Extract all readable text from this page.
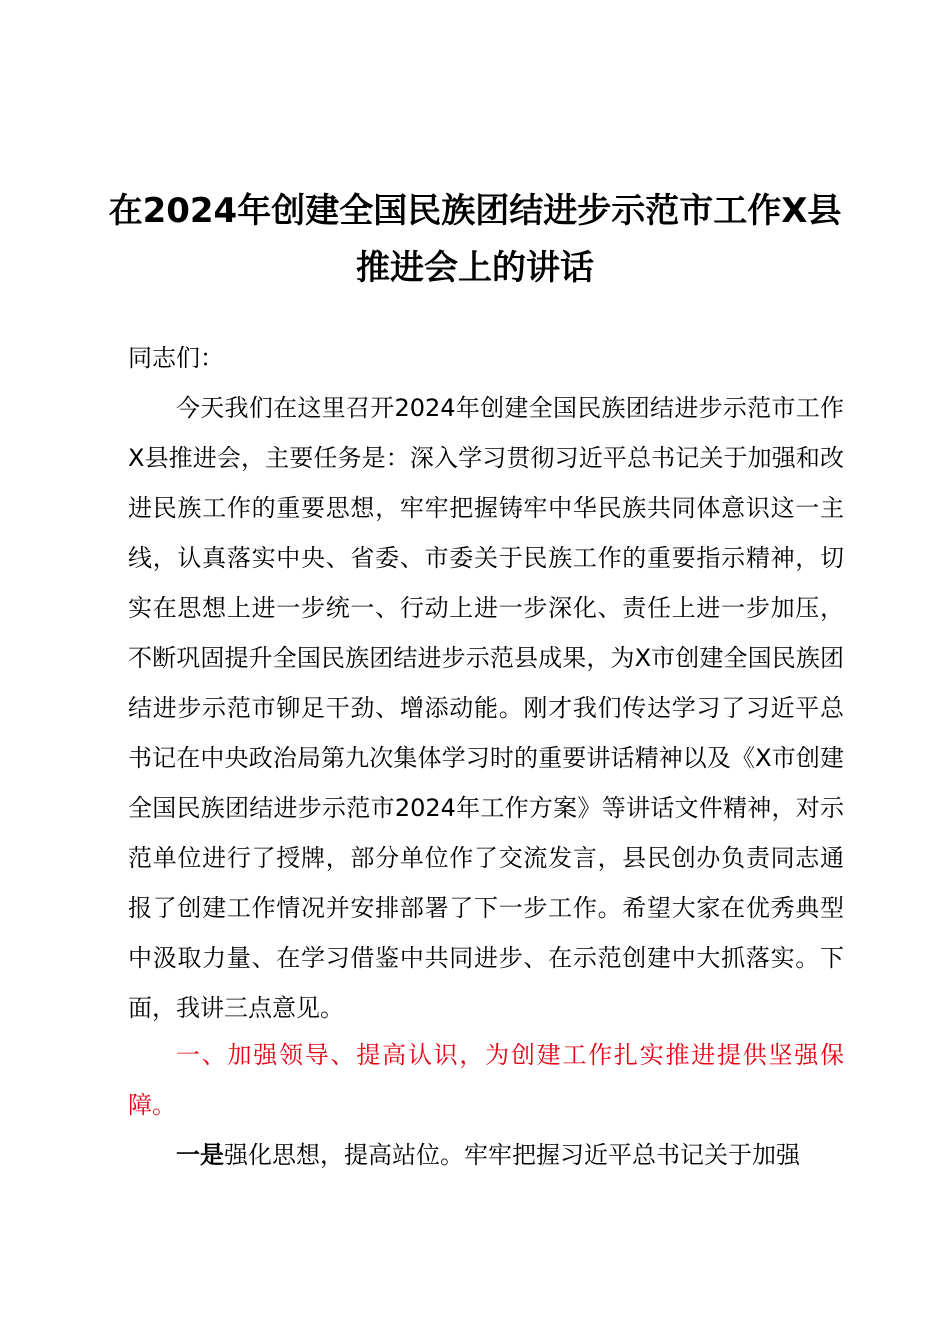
在2024年创建全国民族团结进步示范市工作X县推进会上的讲话

同志们：

今天我们在这里召开2024年创建全国民族团结进步示范市工作X县推进会，主要任务是：深入学习贯彻习近平总书记关于加强和改进民族工作的重要思想，牢牢把握铸牢中华民族共同体意识这一主线，认真落实中央、省委、市委关于民族工作的重要指示精神，切实在思想上进一步统一、行动上进一步深化、责任上进一步加压，不断巩固提升全国民族团结进步示范县成果，为X市创建全国民族团结进步示范市铆足干劲、增添动能。刚才我们传达学习了习近平总书记在中央政治局第九次集体学习时的重要讲话精神以及《X市创建全国民族团结进步示范市2024年工作方案》等讲话文件精神，对示范单位进行了授牌，部分单位作了交流发言，县民创办负责同志通报了创建工作情况并安排部署了下一步工作。希望大家在优秀典型中汲取力量、在学习借鉴中共同进步、在示范创建中大抓落实。下面，我讲三点意见。

一、加强领导、提高认识，为创建工作扎实推进提供坚强保障。

一是强化思想，提高站位。牢牢把握习近平总书记关于加强
